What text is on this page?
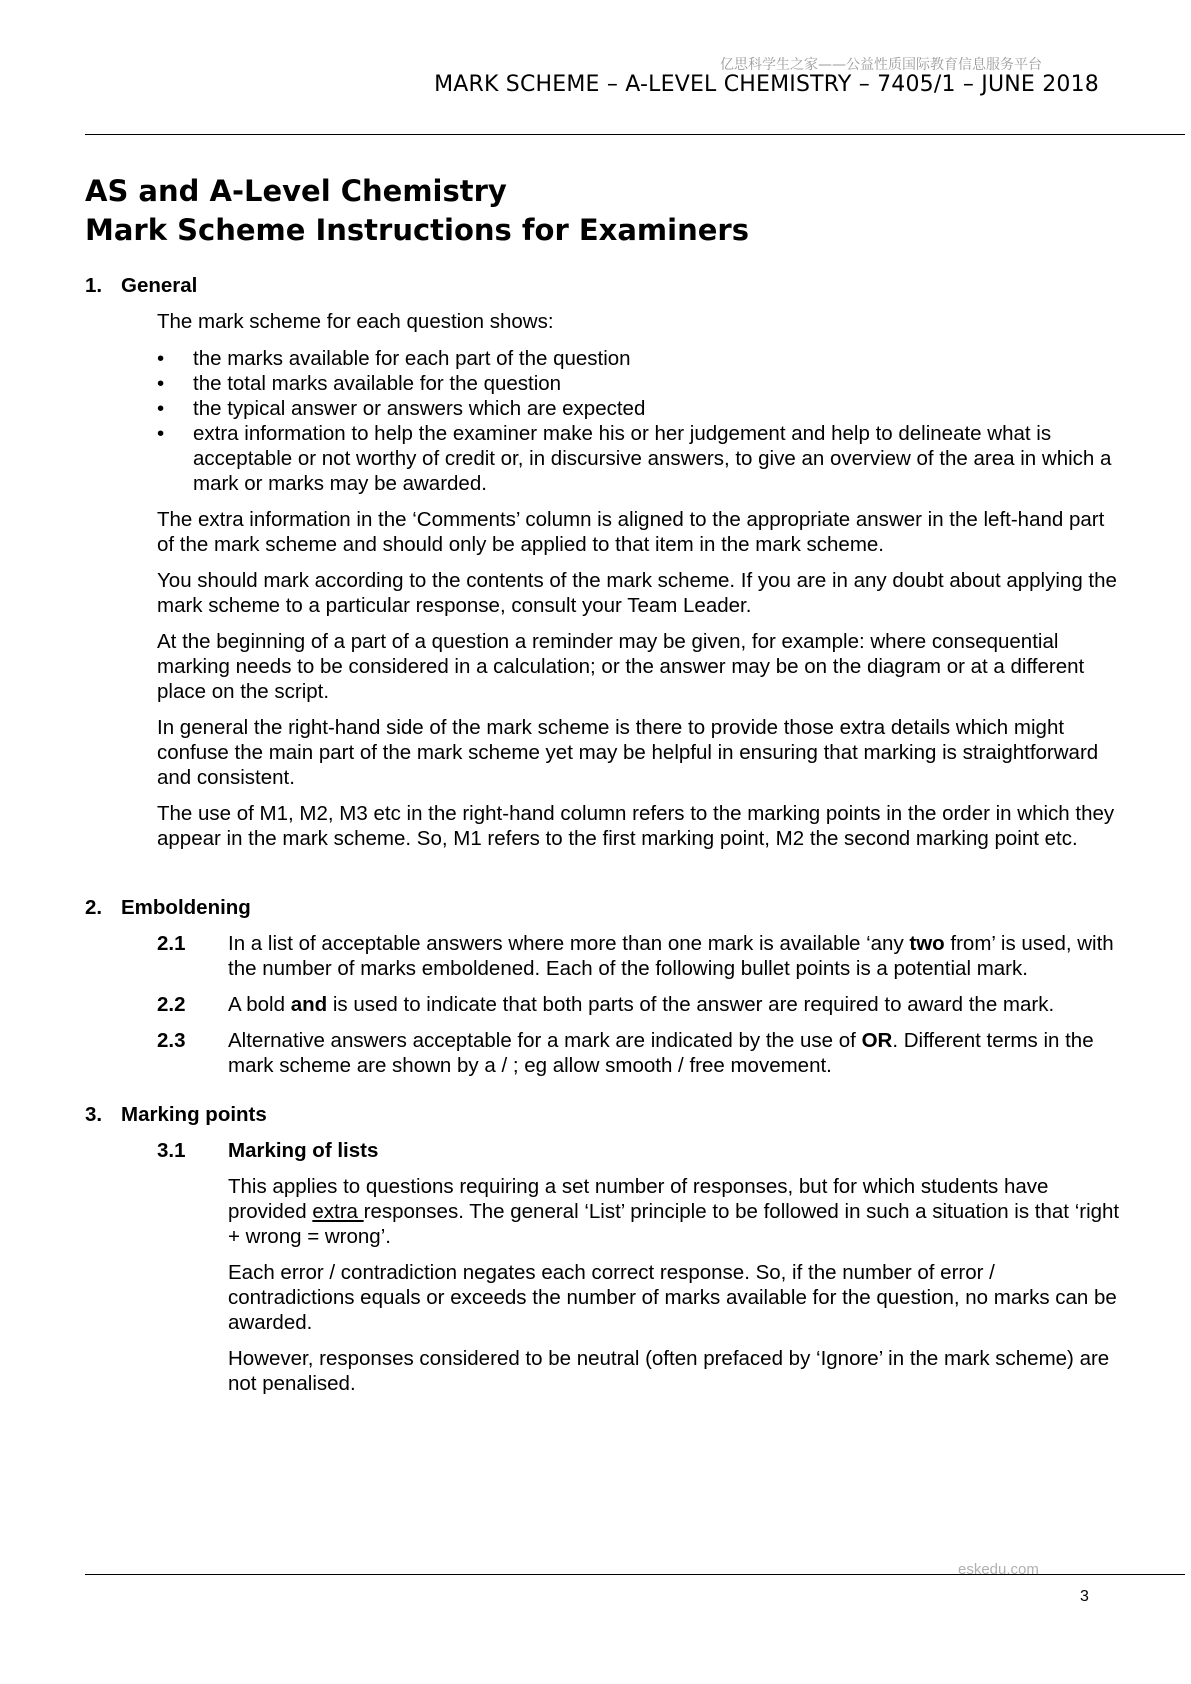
亿思科学生之家——公益性质国际教育信息服务平台
MARK SCHEME – A-LEVEL CHEMISTRY – 7405/1 – JUNE 2018
AS and A-Level Chemistry
Mark Scheme Instructions for Examiners

1. General

The mark scheme for each question shows:

• the marks available for each part of the question
• the total marks available for the question
• the typical answer or answers which are expected
• extra information to help the examiner make his or her judgement and help to delineate what is acceptable or not worthy of credit or, in discursive answers, to give an overview of the area in which a mark or marks may be awarded.

The extra information in the ‘Comments’ column is aligned to the appropriate answer in the left-hand part of the mark scheme and should only be applied to that item in the mark scheme.

You should mark according to the contents of the mark scheme. If you are in any doubt about applying the mark scheme to a particular response, consult your Team Leader.

At the beginning of a part of a question a reminder may be given, for example: where consequential marking needs to be considered in a calculation; or the answer may be on the diagram or at a different place on the script.

In general the right-hand side of the mark scheme is there to provide those extra details which might confuse the main part of the mark scheme yet may be helpful in ensuring that marking is straightforward and consistent.

The use of M1, M2, M3 etc in the right-hand column refers to the marking points in the order in which they appear in the mark scheme. So, M1 refers to the first marking point, M2 the second marking point etc.

2. Emboldening

2.1	In a list of acceptable answers where more than one mark is available ‘any two from’ is used, with the number of marks emboldened. Each of the following bullet points is a potential mark.

2.2	A bold and is used to indicate that both parts of the answer are required to award the mark.

2.3	Alternative answers acceptable for a mark are indicated by the use of OR. Different terms in the mark scheme are shown by a / ; eg allow smooth / free movement.

3. Marking points

3.1	Marking of lists

This applies to questions requiring a set number of responses, but for which students have provided extra responses. The general ‘List’ principle to be followed in such a situation is that ‘right + wrong = wrong’.

Each error / contradiction negates each correct response. So, if the number of error / contradictions equals or exceeds the number of marks available for the question, no marks can be awarded.

However, responses considered to be neutral (often prefaced by ‘Ignore’ in the mark scheme) are not penalised.

eskedu.com
3
